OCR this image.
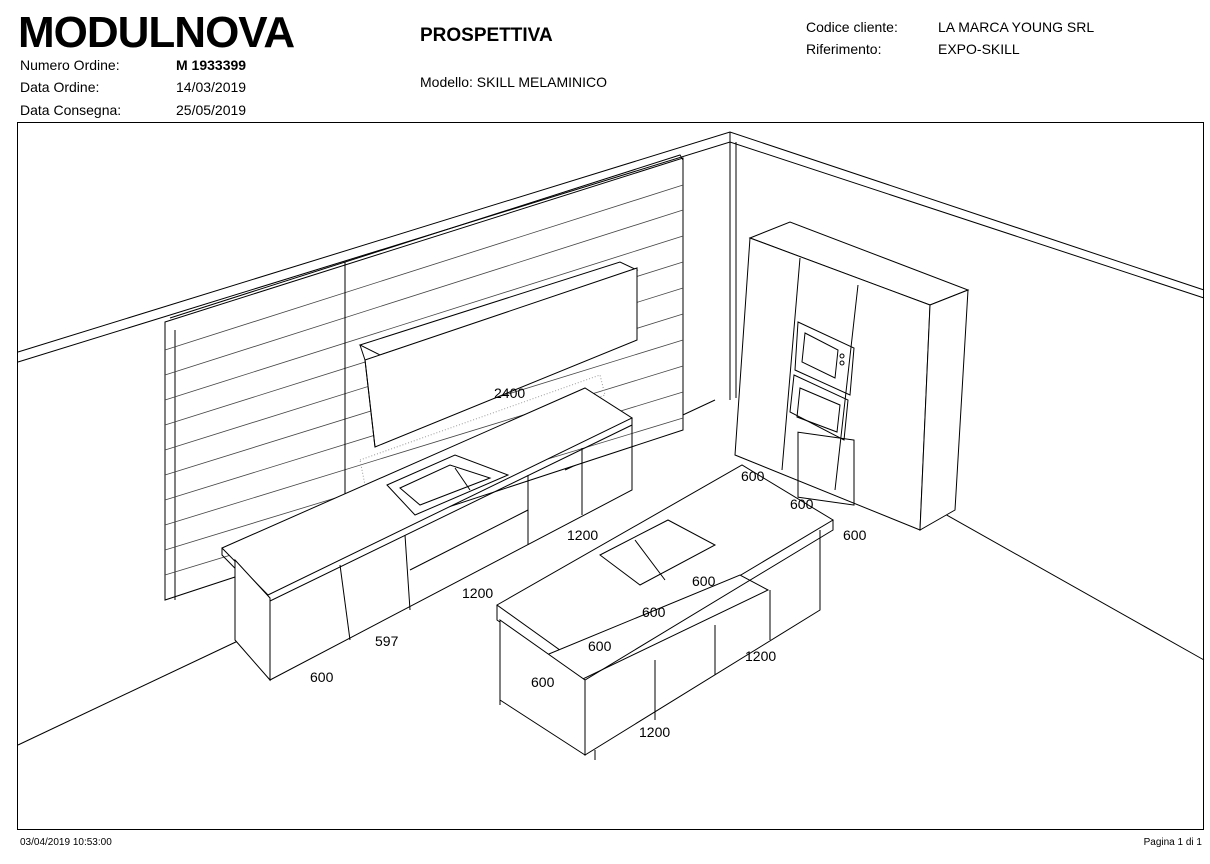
MODULNOVA
Numero Ordine:	M 1933399
Data Ordine:	14/03/2019
Data Consegna:	25/05/2019
PROSPETTIVA
Modello: SKILL MELAMINICO
Codice cliente:	LA MARCA YOUNG SRL
Riferimento:	EXPO-SKILL
2400
600
600
600
1200
1200
597
600
600
600
600
1200
600
1200
03/04/2019 10:53:00	Pagina 1 di 1
